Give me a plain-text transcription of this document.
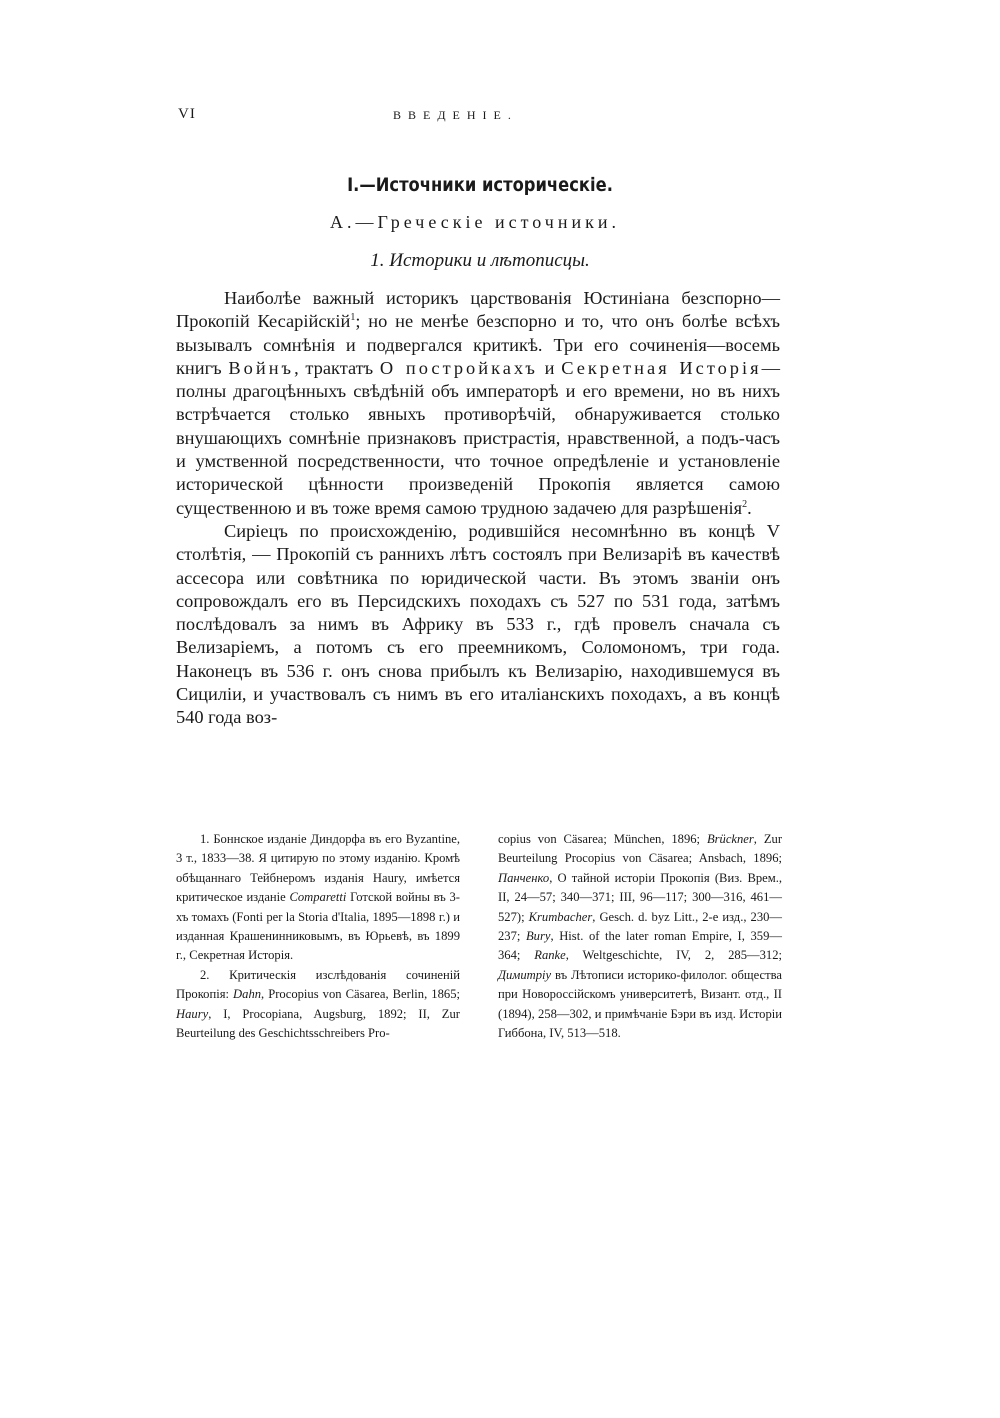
VI	ВВЕДЕНІЕ.
I.—Источники историческіе.
А.—Греческіе источники.
1. Историки и лѣтописцы.

Наиболѣе важный историкъ царствованія Юстиніана безспорно—Прокопій Кесарійскій$^1$; но не менѣе безспорно и то, что онъ болѣе всѣхъ вызывалъ сомнѣнія и подвергался критикѣ. Три его сочиненія—восемь книгъ Войнъ, трактатъ О постройкахъ и Секретная Исторія—полны драгоцѣнныхъ свѣдѣній объ императорѣ и его времени, но въ нихъ встрѣчается столько явныхъ противорѣчій, обнаруживается столько внушающихъ сомнѣніе признаковъ пристрастія, нравственной, а подъ-часъ и умственной посредственности, что точное опредѣленіе и установленіе исторической цѣнности произведеній Прокопія является самою существенною и въ тоже время самою трудною задачею для разрѣшенія$^2$.

Сиріецъ по происхожденію, родившійся несомнѣнно въ концѣ V столѣтія, — Прокопій съ раннихъ лѣтъ состоялъ при Велизаріѣ въ качествѣ ассесора или совѣтника по юридической части. Въ этомъ званіи онъ сопровождалъ его въ Персидскихъ походахъ съ 527 по 531 года, затѣмъ послѣдовалъ за нимъ въ Африку въ 533 г., гдѣ провелъ сначала съ Велизаріемъ, а потомъ съ его преемникомъ, Соломономъ, три года. Наконецъ въ 536 г. онъ снова прибылъ къ Велизарію, находившемуся въ Сициліи, и участвовалъ съ нимъ въ его италіанскихъ походахъ, а въ концѣ 540 года воз-

1. Боннское изданіе Диндорфа въ его Byzantine, 3 т., 1833—38. Я цитирую по этому изданію. Кромѣ обѣщаннаго Тейбнеромъ изданія Haury, имѣется критическое изданіе Comparetti Готской войны въ 3-хъ томахъ (Fonti per la Storia d'Italia, 1895—1898 г.) и изданная Крашенинниковымъ, въ Юрьевѣ, въ 1899 г., Секретная Исторія.

2. Критическія изслѣдованія сочиненій Прокопія: Dahn, Procopius von Cäsarea, Berlin, 1865; Haury, I, Procopiana, Augsburg, 1892; II, Zur Beurteilung des Geschichtsschreibers Pro-

copius von Cäsarea; München, 1896; Brückner, Zur Beurteilung Procopius von Cäsarea; Ansbach, 1896; Панченко, О тайной исторіи Прокопія (Виз. Врем., II, 24—57; 340—371; III, 96—117; 300—316, 461—527); Krumbacher, Gesch. d. byz Litt., 2-е изд., 230—237; Bury, Hist. of the later roman Empire, I, 359—364; Ranke, Weltgeschichte, IV, 2, 285—312; Димитріу въ Лѣтописи историко-филолог. общества при Новороссійскомъ университетѣ, Визант. отд., II (1894), 258—302, и примѣчаніе Бэри въ изд. Исторіи Гиббона, IV, 513—518.
